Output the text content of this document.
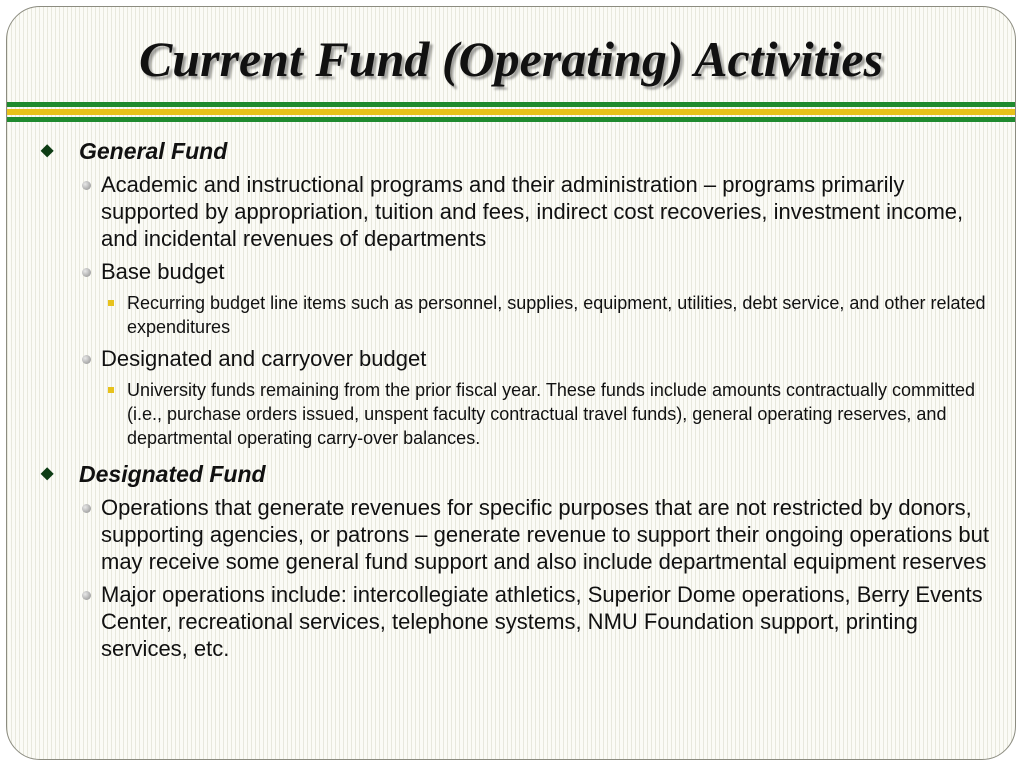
Current Fund (Operating) Activities
◆ General Fund
Academic and instructional programs and their administration – programs primarily supported by appropriation, tuition and fees, indirect cost recoveries, investment income, and incidental revenues of departments
Base budget
Recurring budget line items such as personnel, supplies, equipment, utilities, debt service, and other related expenditures
Designated and carryover budget
University funds remaining from the prior fiscal year. These funds include amounts contractually committed (i.e., purchase orders issued, unspent faculty contractual travel funds), general operating reserves, and departmental operating carry-over balances.
◆ Designated Fund
Operations that generate revenues for specific purposes that are not restricted by donors, supporting agencies, or patrons – generate revenue to support their ongoing operations but may receive some general fund support and also include departmental equipment reserves
Major operations include: intercollegiate athletics, Superior Dome operations, Berry Events Center, recreational services, telephone systems, NMU Foundation support, printing services, etc.
